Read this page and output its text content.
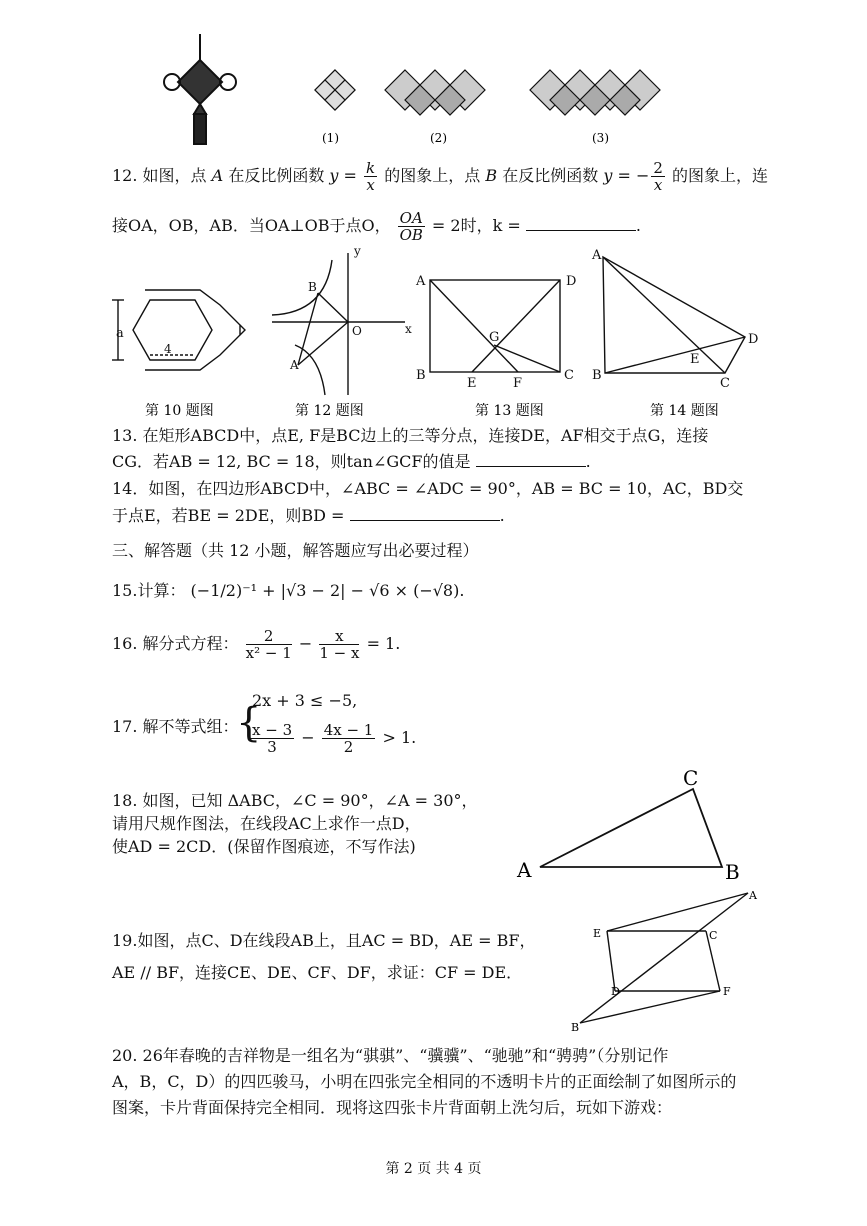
(1)	(2)	(3)
12. 如图，点 A 在反比例函数 $y = \frac{k}{x}$ 的图象上，点 B 在反比例函数 y = − $\frac{2}{x}$ 的图象上，连
接OA，OB，AB．当OA⊥OB于点O， $\frac{OA}{OB} = 2$时，k =	.
a
4
y
x
O
B
A
A	D
B	C
E	F
G
A
D
B
C
E
第 10 题图	第 12 题图	第 13 题图	第 14 题图
13. 在矩形ABCD中，点E, F是BC边上的三等分点，连接DE，AF相交于点G，连接
CG．若AB = 12, BC = 18，则tan∠GCF的值是	.
14．如图，在四边形ABCD中，∠ABC = ∠ADC = 90°，AB = BC = 10，AC，BD交
于点E，若BE = 2DE，则BD =	.
三、解答题（共 12 小题，解答题应写出必要过程）
15.计算： (−1/2)⁻¹ + |√3 − 2| − √6 × (−√8).
16. 解分式方程： $\frac{2}{\text{x² − 1}} - \frac{x}{1 - x} = 1$.
17. 解不等式组：
{
2x + 3 ≤ −5,
$\frac{x - 3}{3} - \frac{4x - 1}{2} > 1$.
18. 如图，已知 ΔABC，∠C = 90°，∠A = 30°，
请用尺规作图法，在线段AC上求作一点D，
使AD = 2CD．(保留作图痕迹，不写作法)
A	B
C
19.如图，点C、D在线段AB上，且AC = BD，AE = BF，
AE // BF，连接CE、DE、CF、DF，求证：CF = DE．
A
B
C
D
E
F
20. 26年春晚的吉祥物是一组名为“骐骐”、“骥骥”、“驰驰”和“骋骋”（分别记作
A，B，C，D）的四匹骏马，小明在四张完全相同的不透明卡片的正面绘制了如图所示的
图案，卡片背面保持完全相同．现将这四张卡片背面朝上洗匀后，玩如下游戏：
第 2 页 共 4 页
